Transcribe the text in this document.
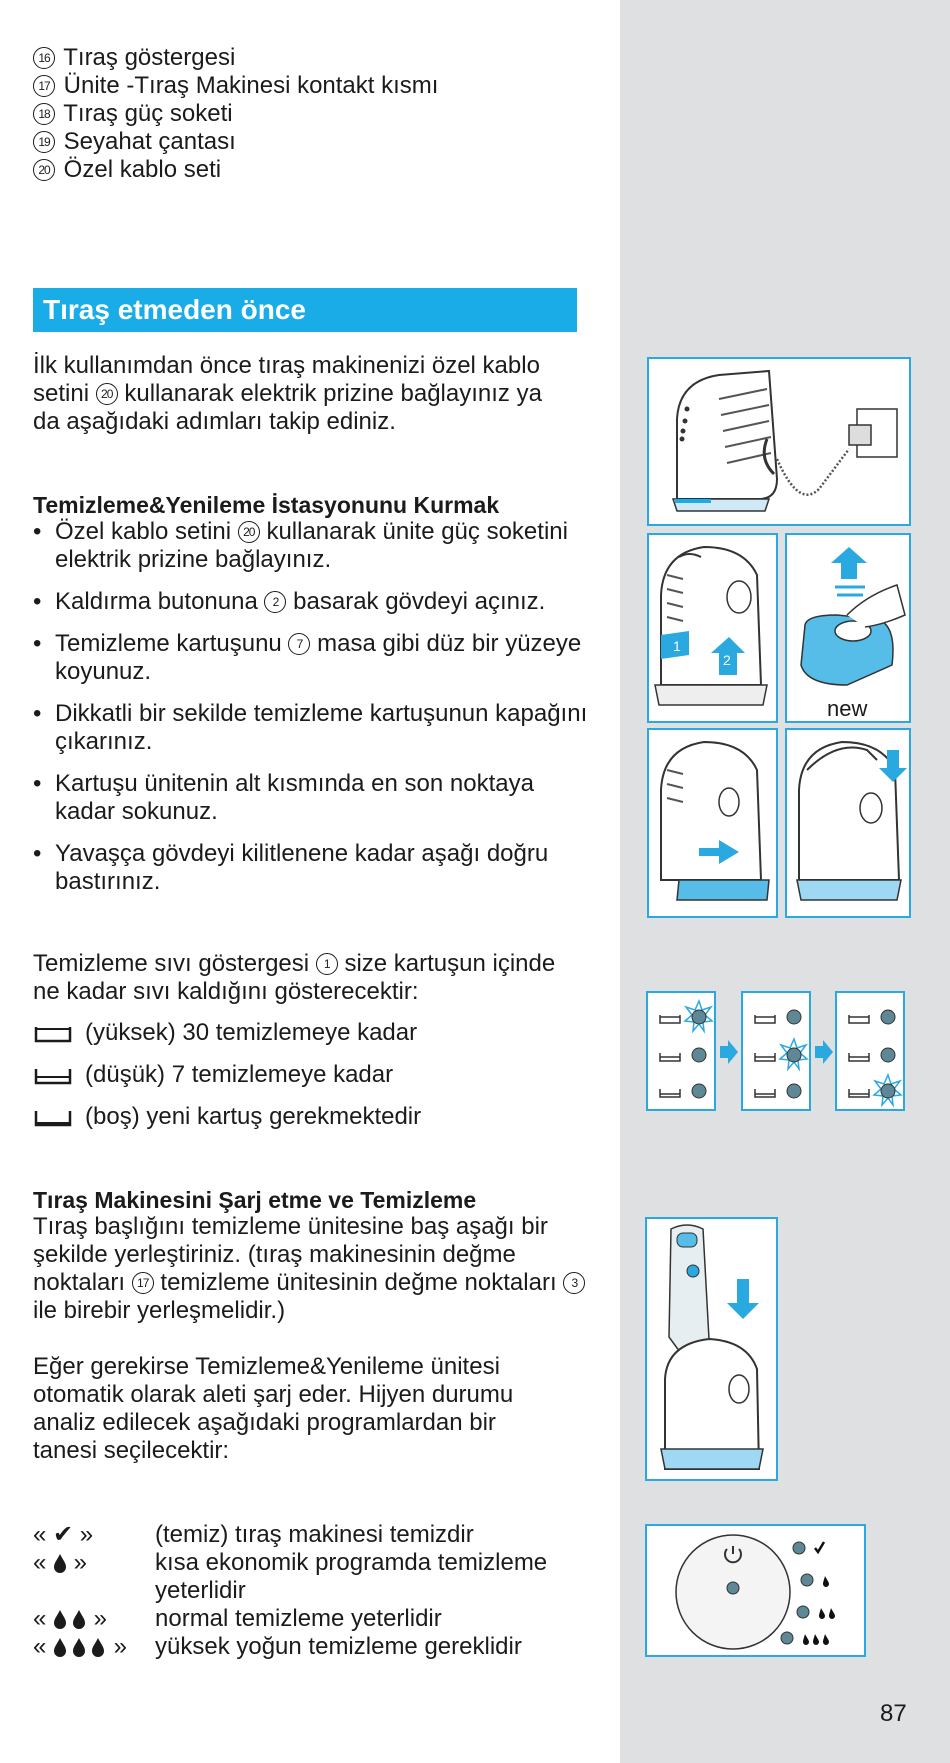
16 Tıraş göstergesi
17 Ünite -Tıraş Makinesi kontakt kısmı
18 Tıraş güç soketi
19 Seyahat çantası
20 Özel kablo seti
Tıraş etmeden önce
İlk kullanımdan önce tıraş makinenizi özel kablo setini 20 kullanarak elektrik prizine bağlayınız ya da aşağıdaki adımları takip ediniz.
Temizleme&Yenileme İstasyonunu Kurmak
• Özel kablo setini 20 kullanarak ünite güç soketini elektrik prizine bağlayınız.
• Kaldırma butonuna 2 basarak gövdeyi açınız.
• Temizleme kartuşunu 7 masa gibi düz bir yüzeye koyunuz.
• Dikkatli bir sekilde temizleme kartuşunun kapağını çıkarınız.
• Kartuşu ünitenin alt kısmında en son noktaya kadar sokunuz.
• Yavaşça gövdeyi kilitlenene kadar aşağı doğru bastırınız.
Temizleme sıvı göstergesi 1 size kartuşun içinde ne kadar sıvı kaldığını gösterecektir:
(yüksek) 30 temizlemeye kadar
(düşük) 7 temizlemeye kadar
(boş) yeni kartuş gerekmektedir
Tıraş Makinesini Şarj etme ve Temizleme
Tıraş başlığını temizleme ünitesine baş aşağı bir şekilde yerleştiriniz. (tıraş makinesinin değme noktaları 17 temizleme ünitesinin değme noktaları 3 ile birebir yerleşmelidir.)
Eğer gerekirse Temizleme&Yenileme ünitesi otomatik olarak aleti şarj eder. Hijyen durumu analiz edilecek aşağıdaki programlardan bir tanesi seçilecektir:
« ✔ »	(temiz) tıraş makinesi temizdir
«  »	kısa ekonomik programda temizleme yeterlidir
«  » normal temizleme yeterlidir
«  » yüksek yoğun temizleme gereklidir
1
2
new
87
